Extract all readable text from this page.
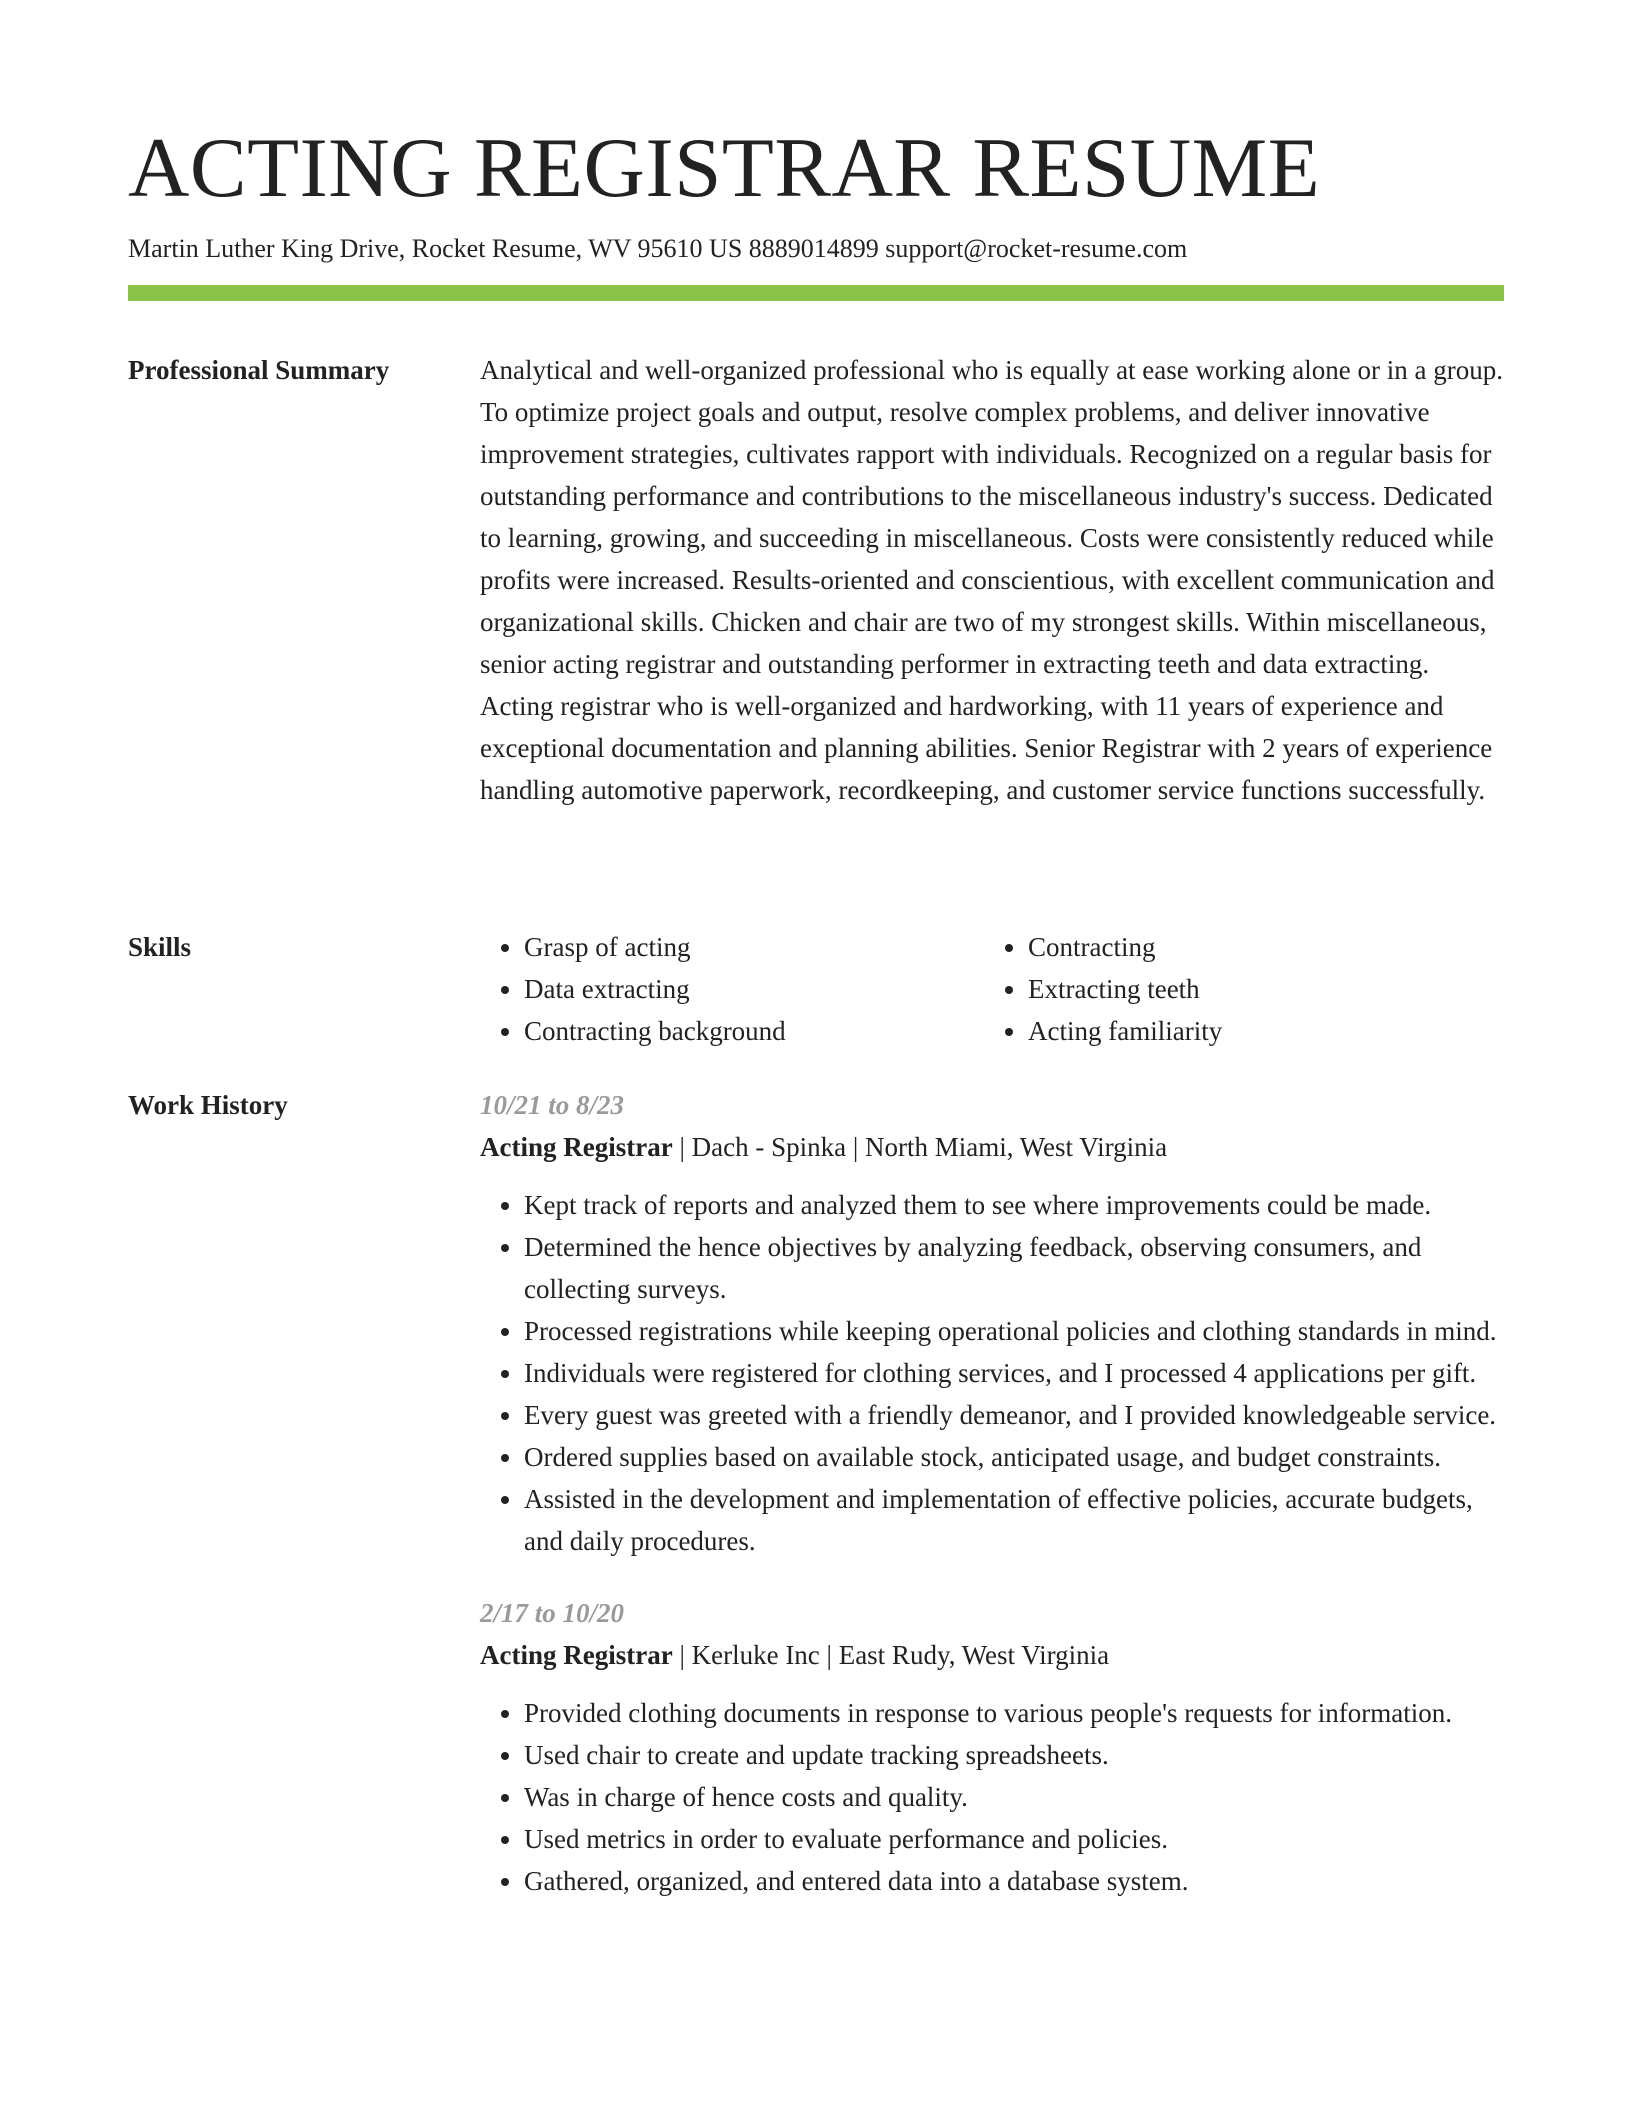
ACTING REGISTRAR RESUME
Martin Luther King Drive, Rocket Resume, WV 95610 US 8889014899 support@rocket-resume.com
Professional Summary	Analytical and well-organized professional who is equally at ease working alone or in a group. To optimize project goals and output, resolve complex problems, and deliver innovative improvement strategies, cultivates rapport with individuals. Recognized on a regular basis for outstanding performance and contributions to the miscellaneous industry's success. Dedicated to learning, growing, and succeeding in miscellaneous. Costs were consistently reduced while profits were increased. Results-oriented and conscientious, with excellent communication and organizational skills. Chicken and chair are two of my strongest skills. Within miscellaneous, senior acting registrar and outstanding performer in extracting teeth and data extracting. Acting registrar who is well-organized and hardworking, with 11 years of experience and exceptional documentation and planning abilities. Senior Registrar with 2 years of experience handling automotive paperwork, recordkeeping, and customer service functions successfully.

Skills
•	Grasp of acting
• Data extracting
• Contracting background
• Contracting
• Extracting teeth
• Acting familiarity
Work History	10/21 to 8/23
Acting Registrar | Dach - Spinka | North Miami, West Virginia
• Kept track of reports and analyzed them to see where improvements could be made.
• Determined the hence objectives by analyzing feedback, observing consumers, and collecting surveys.
• Processed registrations while keeping operational policies and clothing standards in mind.
• Individuals were registered for clothing services, and I processed 4 applications per gift.
• Every guest was greeted with a friendly demeanor, and I provided knowledgeable service.
• Ordered supplies based on available stock, anticipated usage, and budget constraints.
• Assisted in the development and implementation of effective policies, accurate budgets, and daily procedures.
2/17 to 10/20
Acting Registrar | Kerluke Inc | East Rudy, West Virginia
• Provided clothing documents in response to various people's requests for information.
• Used chair to create and update tracking spreadsheets.
• Was in charge of hence costs and quality.
• Used metrics in order to evaluate performance and policies.
• Gathered, organized, and entered data into a database system.
